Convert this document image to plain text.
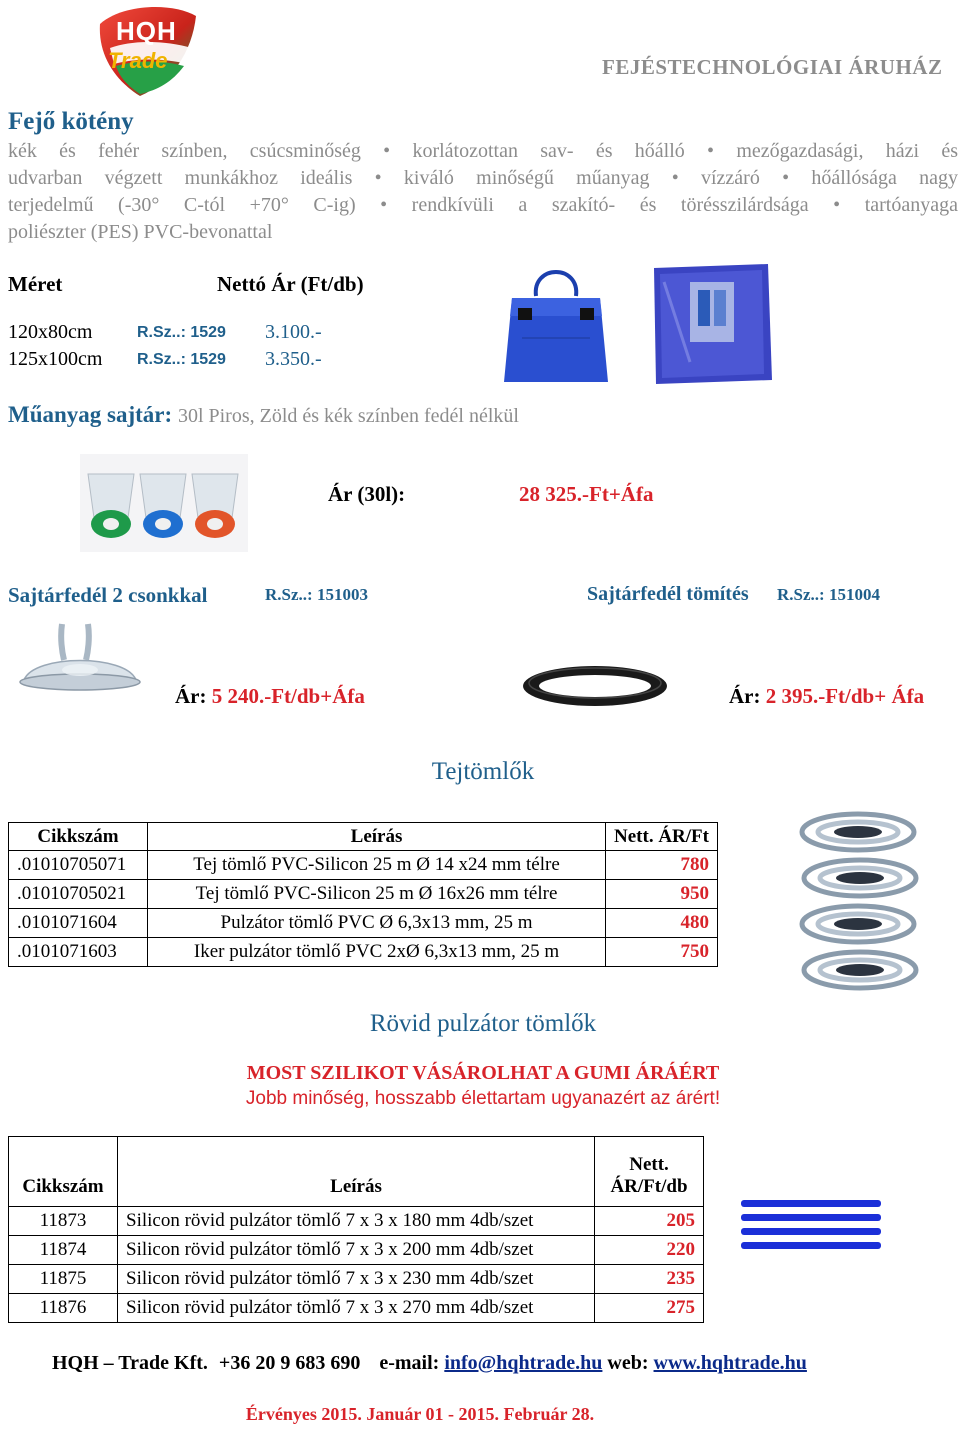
HQH
Trade	FEJÉSTECHNOLÓGIAI ÁRUHÁZ
Fejő kötény
kék és fehér színben, csúcsminőség • korlátozottan sav- és hőálló • mezőgazdasági, házi és
udvarban végzett munkákhoz ideális • kiváló minőségű műanyag • vízzáró • hőállósága nagy
terjedelmű (-30° C-tól +70° C-ig) • rendkívüli a szakító- és törésszilárdsága • tartóanyaga
poliészter (PES) PVC-bevonattal
Méret	Nettó Ár (Ft/db)
120x80cm	R.Sz..: 1529 3.100.-
125x100cm R.Sz..: 1529 3.350.-
Műanyag sajtár: 30l Piros, Zöld és kék színben fedél nélkül
Ár (30l):	28 325.-Ft+Áfa
Sajtárfedél 2 csonkkal	R.Sz..: 151003	Sajtárfedél tömítés R.Sz..: 151004
Ár: 5 240.-Ft/db+Áfa	Ár: 2 395.-Ft/db+ Áfa
Tejtömlők
Cikkszám	Leírás	Nett. ÁR/Ft
.01010705071	Tej tömlő PVC-Silicon 25 m Ø 14 x24 mm télre	780
.01010705021	Tej tömlő PVC-Silicon 25 m Ø 16x26 mm télre	950
.0101071604	Pulzátor tömlő PVC Ø 6,3x13 mm, 25 m	480
.0101071603	Iker pulzátor tömlő PVC 2xØ 6,3x13 mm, 25 m	750
Rövid pulzátor tömlők
MOST SZILIKOT VÁSÁROLHAT A GUMI ÁRÁÉRT
Jobb minőség, hosszabb élettartam ugyanazért az árért!
Cikkszám	Leírás	Nett.
ÁR/Ft/db

11873	Silicon rövid pulzátor tömlő 7 x 3 x 180 mm 4db/szet	205
11874	Silicon rövid pulzátor tömlő 7 x 3 x 200 mm 4db/szet	220
11875	Silicon rövid pulzátor tömlő 7 x 3 x 230 mm 4db/szet	235
11876	Silicon rövid pulzátor tömlő 7 x 3 x 270 mm 4db/szet	275
HQH – Trade Kft. +36 20 9 683 690 e-mail: info@hqhtrade.hu web: www.hqhtrade.hu
Érvényes 2015. Január 01 - 2015. Február 28.
